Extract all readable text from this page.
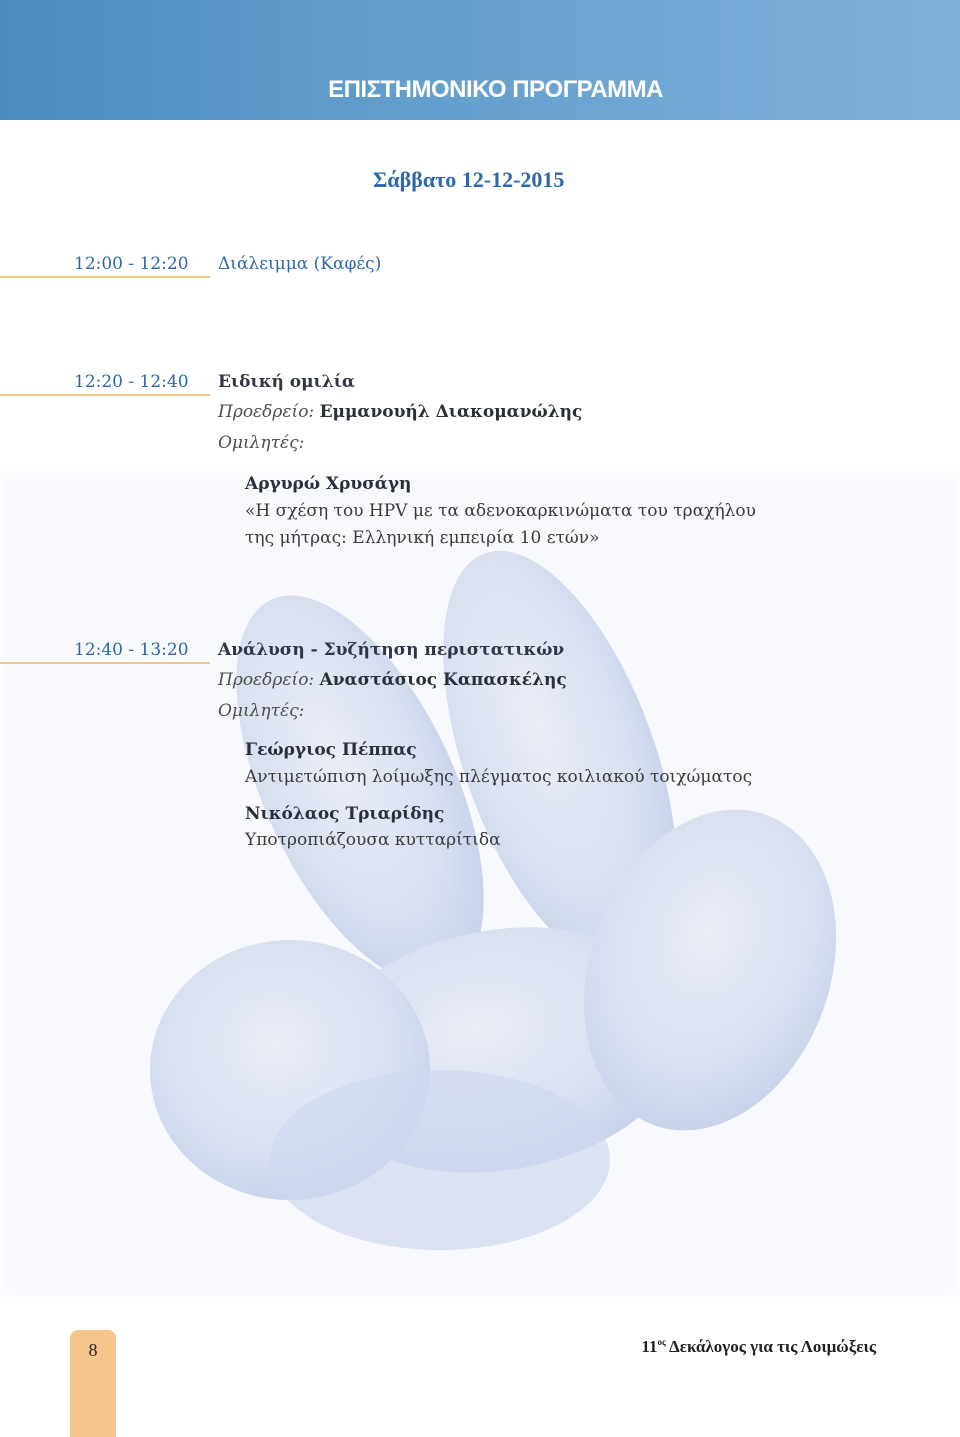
ΕΠΙΣΤΗΜΟΝΙΚΟ ΠΡΟΓΡΑΜΜΑ
Σάββατο 12-12-2015
12:00 - 12:20 Διάλειμμα (Καφές)
12:20 - 12:40 Ειδική ομιλία
Προεδρείο: Εμμανουήλ Διακομανώλης
Ομιλητές:
Αργυρώ Χρυσάγη
«Η σχέση του HPV με τα αδενοκαρκινώματα του τραχήλου
της μήτρας: Ελληνική εμπειρία 10 ετών»
12:40 - 13:20 Ανάλυση - Συζήτηση περιστατικών
Προεδρείο: Αναστάσιος Καπασκέλης
Ομιλητές:
Γεώργιος Πέππας
Αντιμετώπιση λοίμωξης πλέγματος κοιλιακού τοιχώματος
Νικόλαος Τριαρίδης
Υποτροπιάζουσα κυτταρίτιδα
8	$11^{o\varsigma}$ Δεκάλογος για τις Λοιμώξεις
